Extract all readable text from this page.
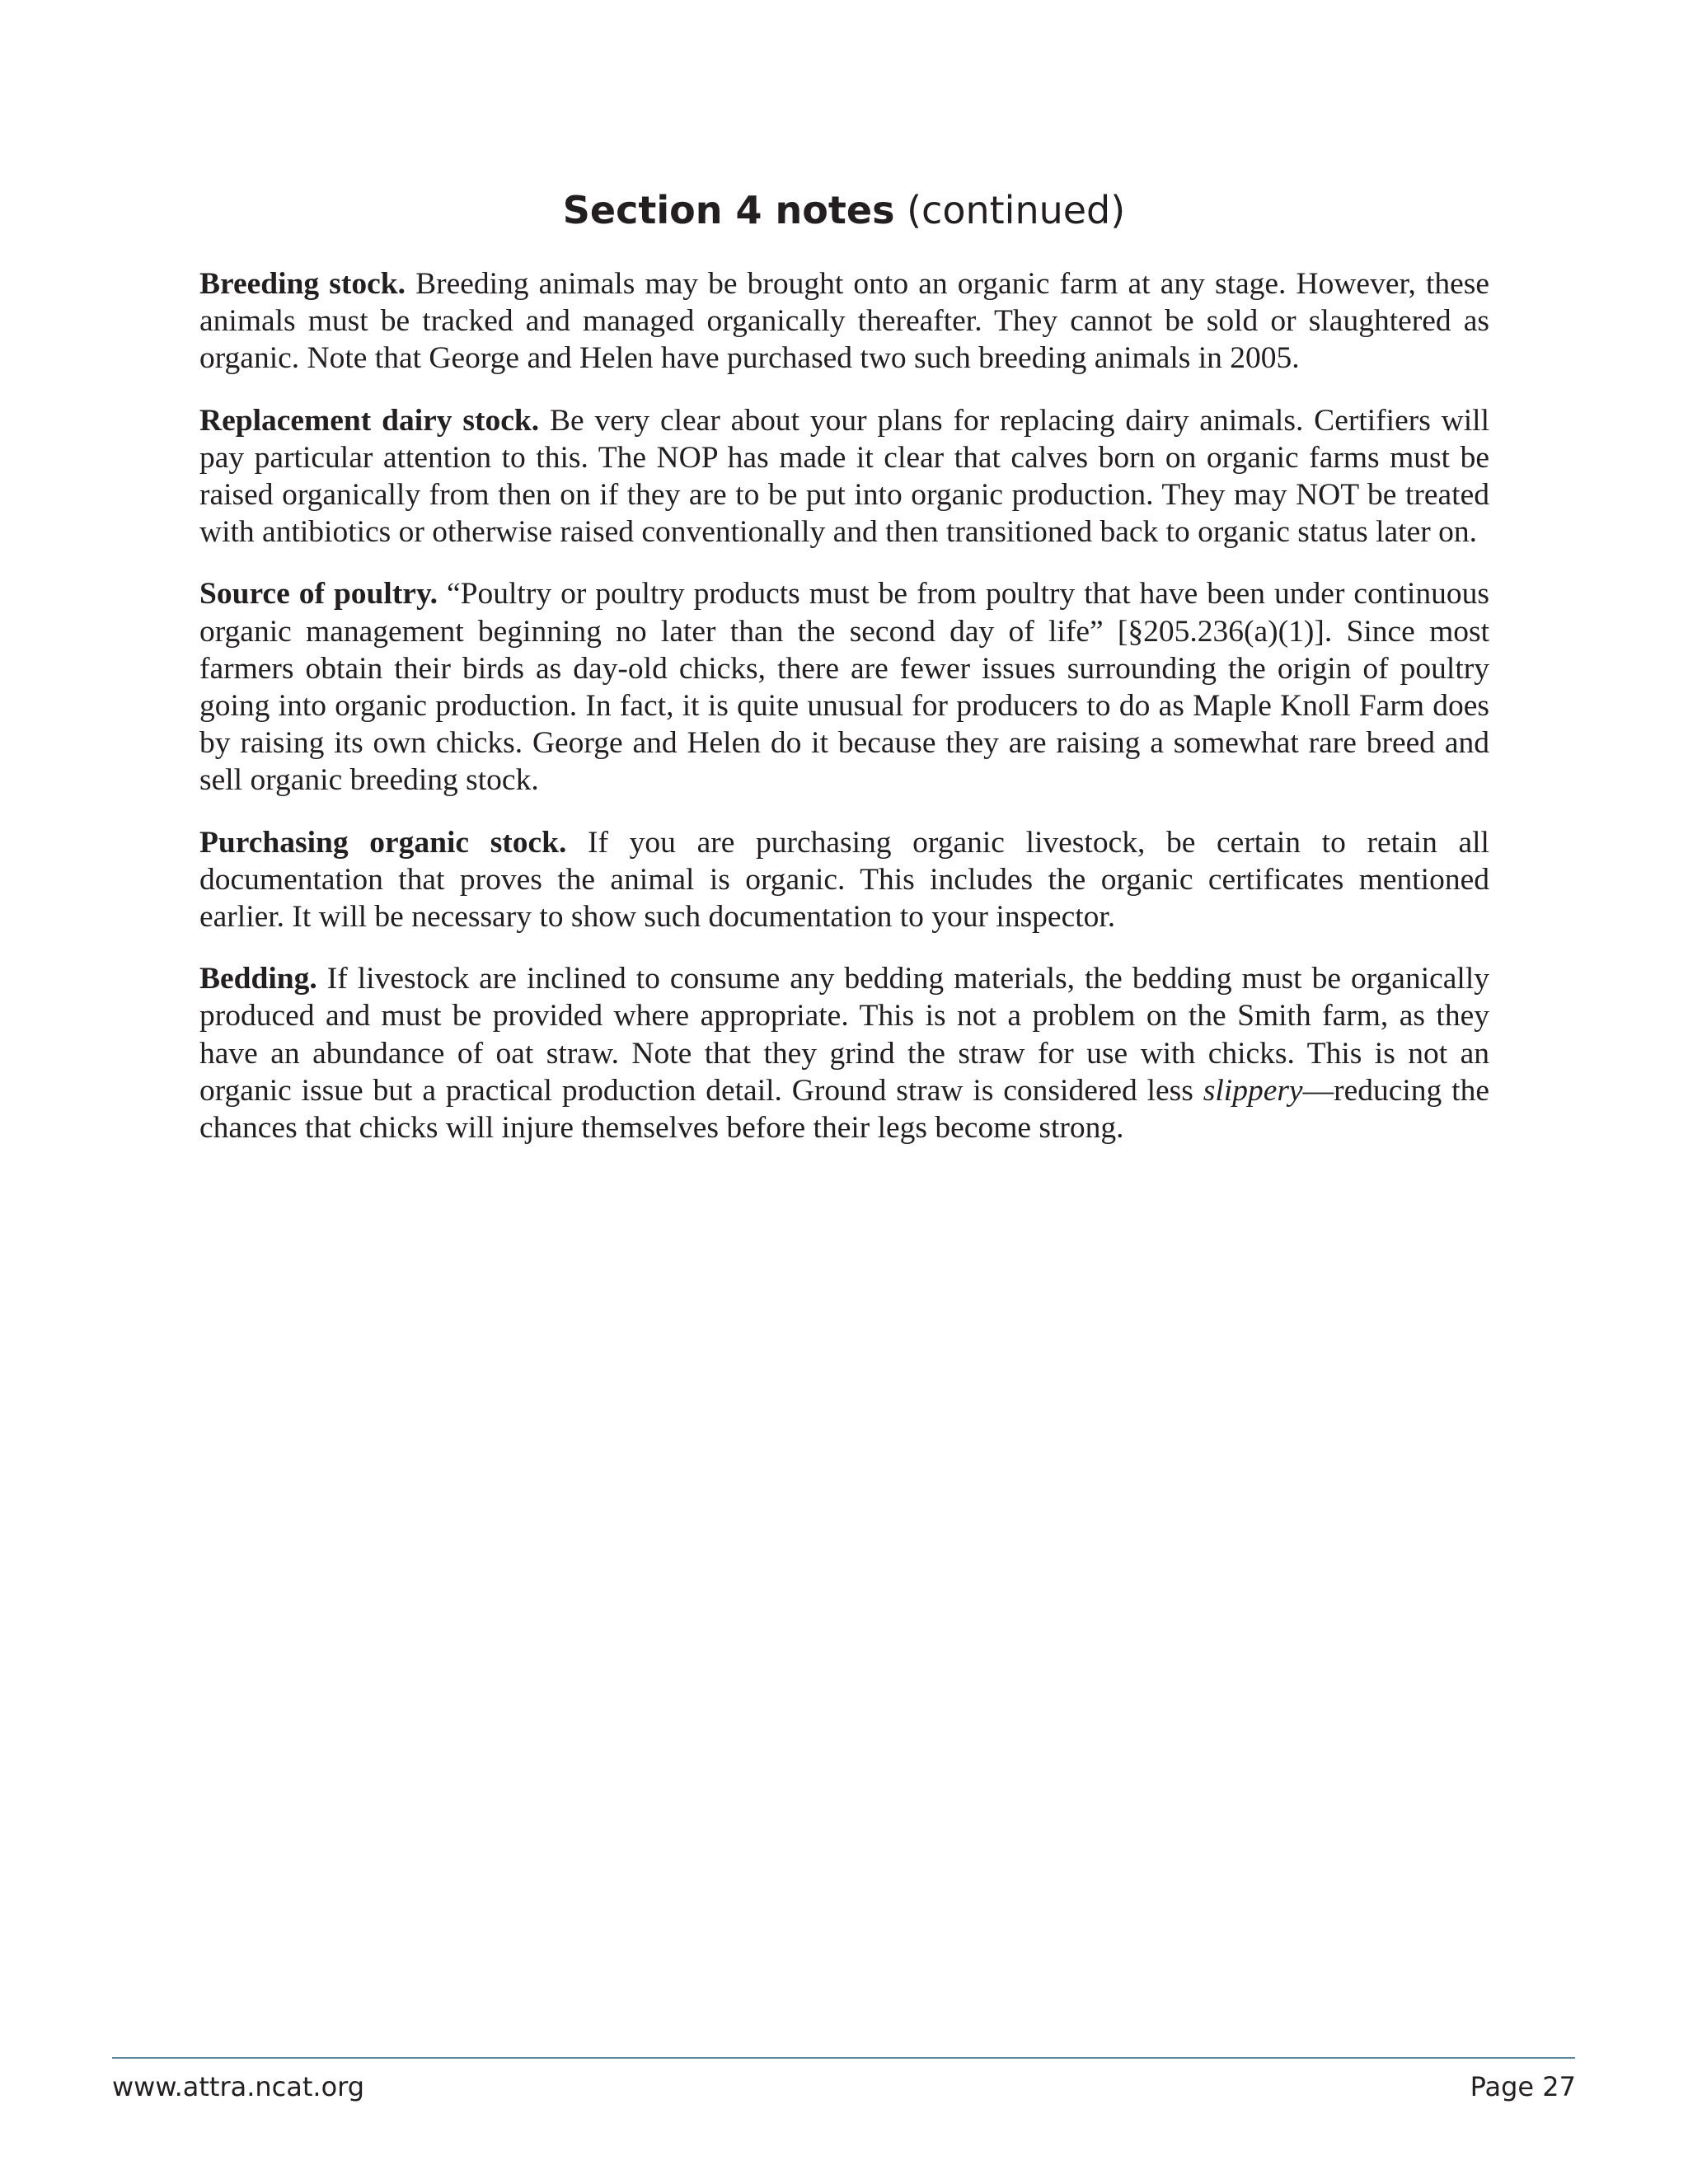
Section 4 notes (continued)

Breeding stock. Breeding animals may be brought onto an organic farm at any stage. However, these animals must be tracked and managed organically thereafter. They cannot be sold or slaughtered as organic. Note that George and Helen have purchased two such breeding animals in 2005.

Replacement dairy stock. Be very clear about your plans for replacing dairy animals. Certifiers will pay particular attention to this. The NOP has made it clear that calves born on organic farms must be raised organically from then on if they are to be put into organic production. They may NOT be treated with antibiotics or otherwise raised conventionally and then transitioned back to organic status later on.

Source of poultry. “Poultry or poultry products must be from poultry that have been under continuous organic management beginning no later than the second day of life” [§205.236(a)(1)]. Since most farmers obtain their birds as day-old chicks, there are fewer issues surrounding the origin of poultry going into organic production. In fact, it is quite unusual for producers to do as Maple Knoll Farm does by raising its own chicks. George and Helen do it because they are raising a somewhat rare breed and sell organic breeding stock.

Purchasing organic stock. If you are purchasing organic livestock, be certain to retain all documentation that proves the animal is organic. This includes the organic certificates mentioned earlier. It will be necessary to show such documentation to your inspector.

Bedding. If livestock are inclined to consume any bedding materials, the bedding must be organically produced and must be provided where appropriate. This is not a problem on the Smith farm, as they have an abundance of oat straw. Note that they grind the straw for use with chicks. This is not an organic issue but a practical production detail. Ground straw is considered less slippery—reducing the chances that chicks will injure themselves before their legs become strong.

www.attra.ncat.org	Page 27
